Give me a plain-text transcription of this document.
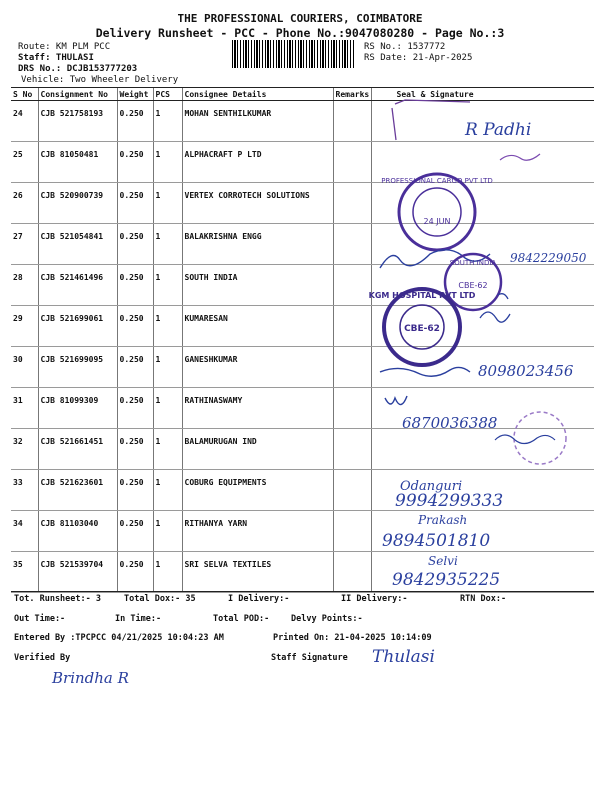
THE PROFESSIONAL COURIERS, COIMBATORE
Delivery Runsheet - PCC - Phone No.:9047080280 - Page No.:3
Route: KM PLM PCC
Staff: THULASI
DRS No.: DCJB153777203
Vehicle: Two Wheeler Delivery
RS No.: 1537772
RS Date: 21-Apr-2025
S No	Consignment No	Weight	PCS	Consignee Details	Remarks	Seal & Signature
24	CJB 521758193	0.250	1	MOHAN SENTHILKUMAR		
25	CJB 81050481	0.250	1	ALPHACRAFT P LTD		
26	CJB 520900739	0.250	1	VERTEX CORROTECH SOLUTIONS		
27	CJB 521054841	0.250	1	BALAKRISHNA ENGG		
28	CJB 521461496	0.250	1	SOUTH INDIA		
29	CJB 521699061	0.250	1	KUMARESAN		
30	CJB 521699095	0.250	1	GANESHKUMAR		
31	CJB 81099309	0.250	1	RATHINASWAMY		
32	CJB 521661451	0.250	1	BALAMURUGAN IND		
33	CJB 521623601	0.250	1	COBURG EQUIPMENTS		
34	CJB 81103040	0.250	1	RITHANYA YARN		
35	CJB 521539704	0.250	1	SRI SELVA TEXTILES		
R Padhi
PROFESSIONAL CARGO PVT LTD
24 JUN
9842229050
SOUTH INDIA
CBE-62
KGM HOSPITAL PVT LTD
CBE-62
8098023456
6870036388
Odanguri
9994299333
Prakash
9894501810
Selvi
9842935225
Thulasi
Brindha R
Tot. Runsheet:- 3	Total Dox:- 35	I Delivery:-	II Delivery:-	RTN Dox:-
Out Time:-	In Time:-	Total POD:-	Delvy Points:-
Entered By :TPCPCC 04/21/2025 10:04:23 AM	Printed On: 21-04-2025 10:14:09
Verified By	Staff Signature
